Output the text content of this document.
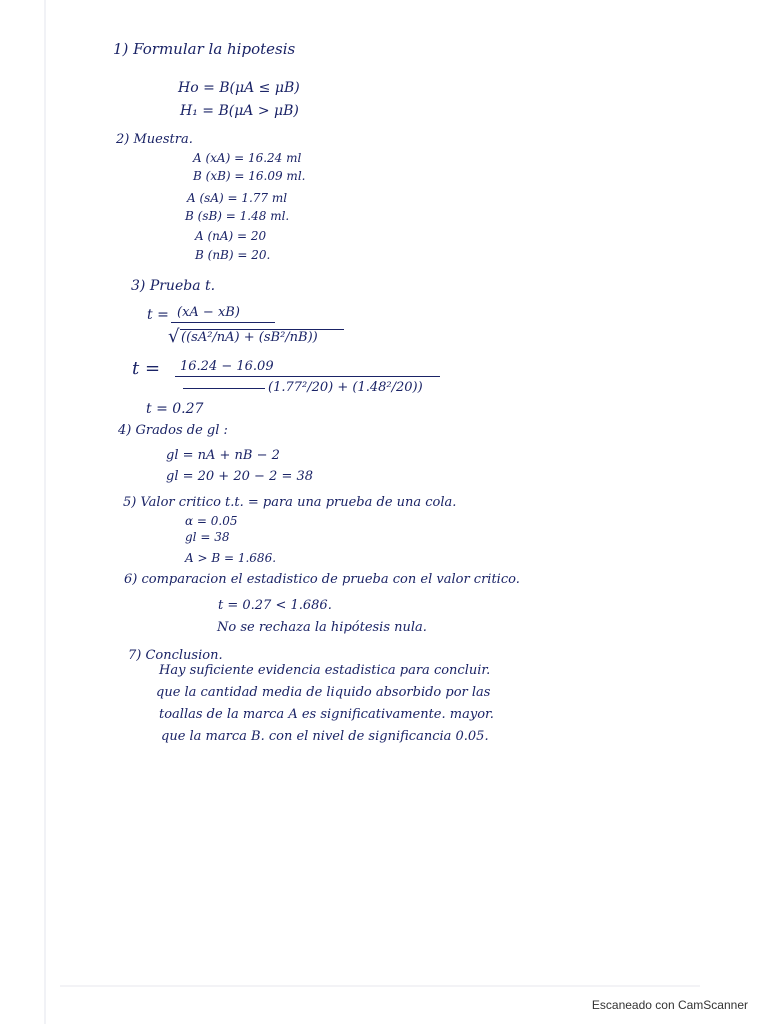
1) Formular la hipotesis
Ho = B(μA ≤ μB)
H₁ = B(μA > μB)
2) Muestra.
A (xA) = 16.24 ml
B (xB) = 16.09 ml.
A (sA) = 1.77 ml
B (sB) = 1.48 ml.
A (nA) = 20
B (nB) = 20.
3) Prueba t.
t = (xA − xB)
√ ((sA²/nA) + (sB²/nB))
t = 16.24 − 16.09
(1.77²/20) + (1.48²/20))
t = 0.27
4) Grados de gl :
gl = nA + nB − 2
gl = 20 + 20 − 2 = 38
5) Valor critico t.t. = para una prueba de una cola.
α = 0.05
gl = 38
A > B = 1.686.
6) comparacion el estadistico de prueba con el valor critico.
t = 0.27 < 1.686.
No se rechaza la hipótesis nula.
7) Conclusion.
Hay suficiente evidencia estadistica para concluir.
que la cantidad media de liquido absorbido por las
toallas de la marca A es significativamente. mayor.
que la marca B. con el nivel de significancia 0.05.
Escaneado con CamScanner
